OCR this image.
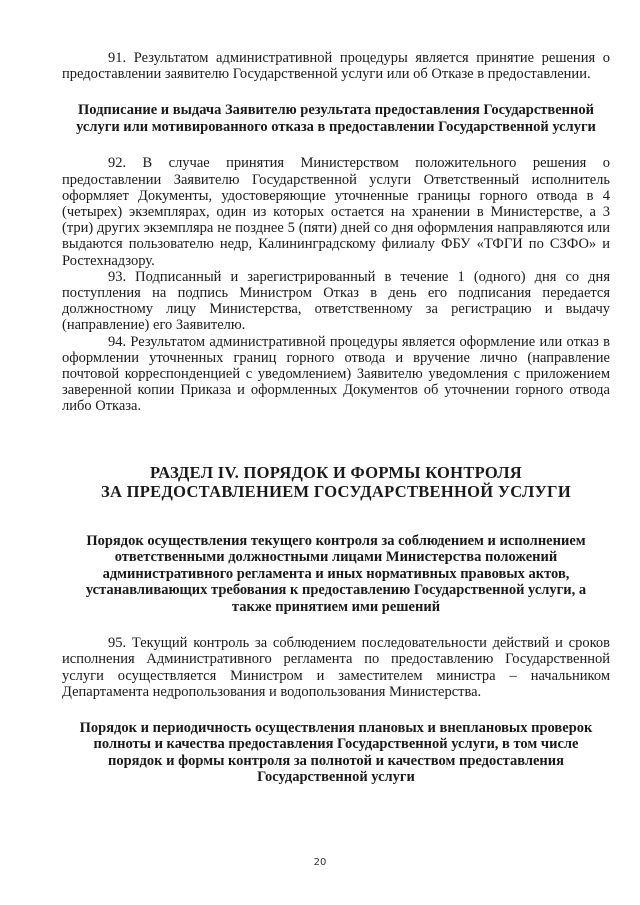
91. Результатом административной процедуры является принятие решения о предоставлении заявителю Государственной услуги или об Отказе в предоставлении.

Подписание и выдача Заявителю результата предоставления Государственной услуги или мотивированного отказа в предоставлении Государственной услуги

92. В случае принятия Министерством положительного решения о предоставлении Заявителю Государственной услуги Ответственный исполнитель оформляет Документы, удостоверяющие уточненные границы горного отвода в 4 (четырех) экземплярах, один из которых остается на хранении в Министерстве, а 3 (три) других экземпляра не позднее 5 (пяти) дней со дня оформления направляются или выдаются пользователю недр, Калининградскому филиалу ФБУ «ТФГИ по СЗФО» и Ростехнадзору.

93. Подписанный и зарегистрированный в течение 1 (одного) дня со дня поступления на подпись Министром Отказ в день его подписания передается должностному лицу Министерства, ответственному за регистрацию и выдачу (направление) его Заявителю.

94. Результатом административной процедуры является оформление или отказ в оформлении уточненных границ горного отвода и вручение лично (направление почтовой корреспонденцией с уведомлением) Заявителю уведомления с приложением заверенной копии Приказа и оформленных Документов об уточнении горного отвода либо Отказа.

РАЗДЕЛ IV. ПОРЯДОК И ФОРМЫ КОНТРОЛЯ
ЗА ПРЕДОСТАВЛЕНИЕМ ГОСУДАРСТВЕННОЙ УСЛУГИ
Порядок осуществления текущего контроля за соблюдением и исполнением ответственными должностными лицами Министерства положений административного регламента и иных нормативных правовых актов, устанавливающих требования к предоставлению Государственной услуги, а также принятием ими решений

95. Текущий контроль за соблюдением последовательности действий и сроков исполнения Административного регламента по предоставлению Государственной услуги осуществляется Министром и заместителем министра – начальником Департамента недропользования и водопользования Министерства.

Порядок и периодичность осуществления плановых и внеплановых проверок полноты и качества предоставления Государственной услуги, в том числе порядок и формы контроля за полнотой и качеством предоставления Государственной услуги
20
